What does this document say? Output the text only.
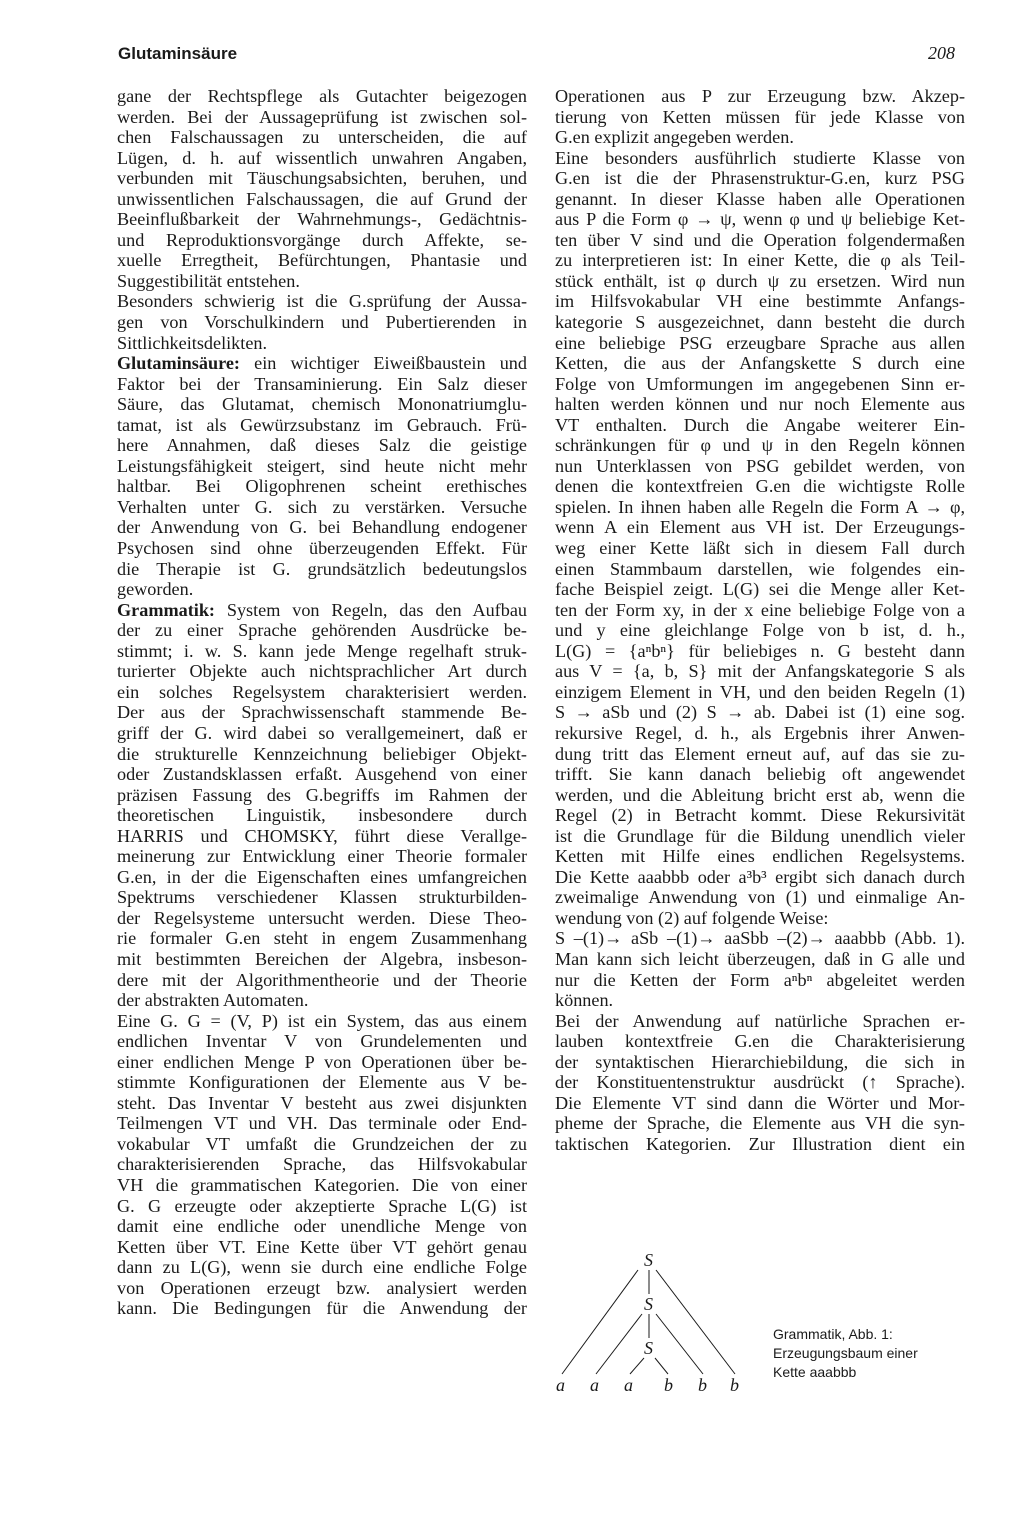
Glutaminsäure	208
gane der Rechtspflege als Gutachter beigezogen
werden. Bei der Aussageprüfung ist zwischen sol-
chen Falschaussagen zu unterscheiden, die auf
Lügen, d. h. auf wissentlich unwahren Angaben,
verbunden mit Täuschungsabsichten, beruhen, und
unwissentlichen Falschaussagen, die auf Grund der
Beeinflußbarkeit der Wahrnehmungs-, Gedächtnis-
und Reproduktionsvorgänge durch Affekte, se-
xuelle Erregtheit, Befürchtungen, Phantasie und
Suggestibilität entstehen.
Besonders schwierig ist die G.sprüfung der Aussa-
gen von Vorschulkindern und Pubertierenden in
Sittlichkeitsdelikten.
Glutaminsäure: ein wichtiger Eiweißbaustein und
Faktor bei der Transaminierung. Ein Salz dieser
Säure, das Glutamat, chemisch Mononatriumglu-
tamat, ist als Gewürzsubstanz im Gebrauch. Frü-
here Annahmen, daß dieses Salz die geistige
Leistungsfähigkeit steigert, sind heute nicht mehr
haltbar. Bei Oligophrenen scheint erethisches
Verhalten unter G. sich zu verstärken. Versuche
der Anwendung von G. bei Behandlung endogener
Psychosen sind ohne überzeugenden Effekt. Für
die Therapie ist G. grundsätzlich bedeutungslos
geworden.
Grammatik: System von Regeln, das den Aufbau
der zu einer Sprache gehörenden Ausdrücke be-
stimmt; i. w. S. kann jede Menge regelhaft struk-
turierter Objekte auch nichtsprachlicher Art durch
ein solches Regelsystem charakterisiert werden.
Der aus der Sprachwissenschaft stammende Be-
griff der G. wird dabei so verallgemeinert, daß er
die strukturelle Kennzeichnung beliebiger Objekt-
oder Zustandsklassen erfaßt. Ausgehend von einer
präzisen Fassung des G.begriffs im Rahmen der
theoretischen Linguistik, insbesondere durch
HARRIS und CHOMSKY, führt diese Verallge-
meinerung zur Entwicklung einer Theorie formaler
G.en, in der die Eigenschaften eines umfangreichen
Spektrums verschiedener Klassen strukturbilden-
der Regelsysteme untersucht werden. Diese Theo-
rie formaler G.en steht in engem Zusammenhang
mit bestimmten Bereichen der Algebra, insbeson-
dere mit der Algorithmentheorie und der Theorie
der abstrakten Automaten.
Eine G. G = (V, P) ist ein System, das aus einem
endlichen Inventar V von Grundelementen und
einer endlichen Menge P von Operationen über be-
stimmte Konfigurationen der Elemente aus V be-
steht. Das Inventar V besteht aus zwei disjunkten
Teilmengen VT und VH. Das terminale oder End-
vokabular VT umfaßt die Grundzeichen der zu
charakterisierenden Sprache, das Hilfsvokabular
VH die grammatischen Kategorien. Die von einer
G. G erzeugte oder akzeptierte Sprache L(G) ist
damit eine endliche oder unendliche Menge von
Ketten über VT. Eine Kette über VT gehört genau
dann zu L(G), wenn sie durch eine endliche Folge
von Operationen erzeugt bzw. analysiert werden
kann. Die Bedingungen für die Anwendung der
Operationen aus P zur Erzeugung bzw. Akzep-
tierung von Ketten müssen für jede Klasse von
G.en explizit angegeben werden.
Eine besonders ausführlich studierte Klasse von
G.en ist die der Phrasenstruktur-G.en, kurz PSG
genannt. In dieser Klasse haben alle Operationen
aus P die Form φ → ψ, wenn φ und ψ beliebige Ket-
ten über V sind und die Operation folgendermaßen
zu interpretieren ist: In einer Kette, die φ als Teil-
stück enthält, ist φ durch ψ zu ersetzen. Wird nun
im Hilfsvokabular VH eine bestimmte Anfangs-
kategorie S ausgezeichnet, dann besteht die durch
eine beliebige PSG erzeugbare Sprache aus allen
Ketten, die aus der Anfangskette S durch eine
Folge von Umformungen im angegebenen Sinn er-
halten werden können und nur noch Elemente aus
VT enthalten. Durch die Angabe weiterer Ein-
schränkungen für φ und ψ in den Regeln können
nun Unterklassen von PSG gebildet werden, von
denen die kontextfreien G.en die wichtigste Rolle
spielen. In ihnen haben alle Regeln die Form A → φ,
wenn A ein Element aus VH ist. Der Erzeugungs-
weg einer Kette läßt sich in diesem Fall durch
einen Stammbaum darstellen, wie folgendes ein-
fache Beispiel zeigt. L(G) sei die Menge aller Ket-
ten der Form xy, in der x eine beliebige Folge von a
und y eine gleichlange Folge von b ist, d. h.,
L(G) = {aⁿbⁿ} für beliebiges n. G besteht dann
aus V = {a, b, S} mit der Anfangskategorie S als
einzigem Element in VH, und den beiden Regeln (1)
S → aSb und (2) S → ab. Dabei ist (1) eine sog.
rekursive Regel, d. h., als Ergebnis ihrer Anwen-
dung tritt das Element erneut auf, auf das sie zu-
trifft. Sie kann danach beliebig oft angewendet
werden, und die Ableitung bricht erst ab, wenn die
Regel (2) in Betracht kommt. Diese Rekursivität
ist die Grundlage für die Bildung unendlich vieler
Ketten mit Hilfe eines endlichen Regelsystems.
Die Kette aaabbb oder a³b³ ergibt sich danach durch
zweimalige Anwendung von (1) und einmalige An-
wendung von (2) auf folgende Weise:
S –(1)→ aSb –(1)→ aaSbb –(2)→ aaabbb (Abb. 1).
Man kann sich leicht überzeugen, daß in G alle und
nur die Ketten der Form aⁿbⁿ abgeleitet werden
können.
Bei der Anwendung auf natürliche Sprachen er-
lauben kontextfreie G.en die Charakterisierung
der syntaktischen Hierarchiebildung, die sich in
der Konstituentenstruktur ausdrückt (↑ Sprache).
Die Elemente VT sind dann die Wörter und Mor-
pheme der Sprache, die Elemente aus VH die syn-
taktischen Kategorien. Zur Illustration dient ein
S
S
S
a a a b b b
Grammatik, Abb. 1:
Erzeugungsbaum einer
Kette aaabbb
